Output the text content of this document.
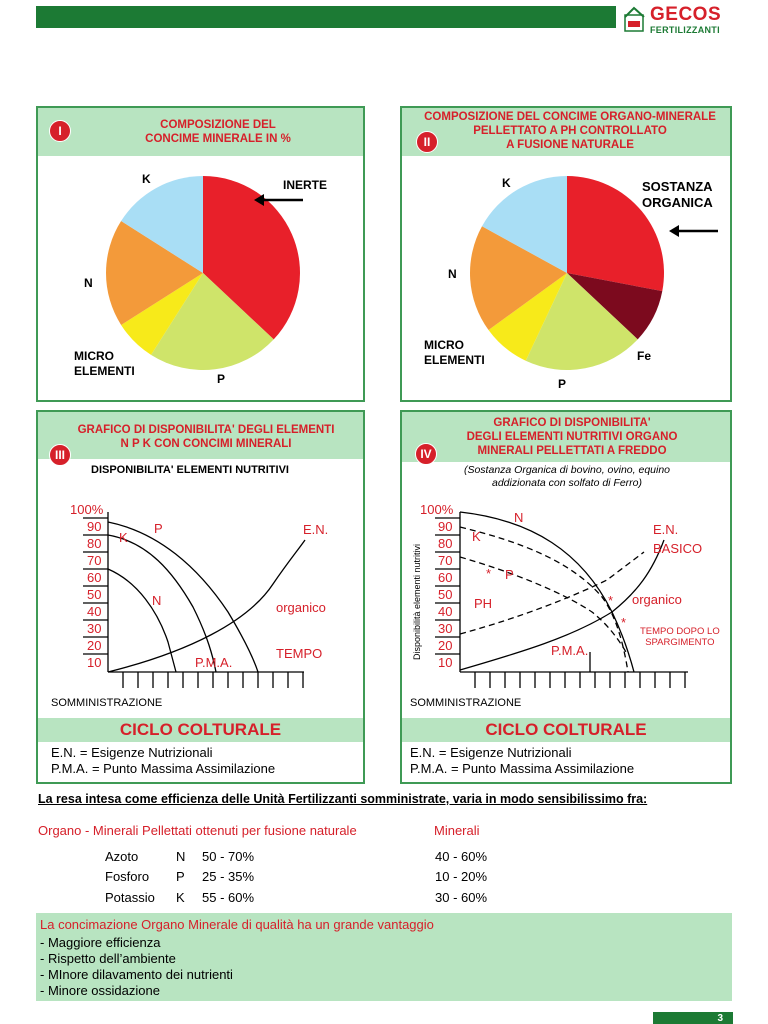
GECOS
FERTILIZZANTI
I	COMPOSIZIONE DEL
CONCIME MINERALE IN %
K
N
MICRO
ELEMENTI
P
INERTE
II
COMPOSIZIONE DEL CONCIME ORGANO-MINERALE
PELLETTATO A PH CONTROLLATO
A FUSIONE NATURALE
K
N
MICRO
ELEMENTI
P
Fe
SOSTANZA
ORGANICA
III
GRAFICO DI DISPONIBILITA' DEGLI ELEMENTI
N P K CON CONCIMI MINERALI
DISPONIBILITA' ELEMENTI NUTRITIVI
100%
90
80
70
60
50
40
30
20
10
P
K
N
E.N.
organico
TEMPO
P.M.A.
SOMMINISTRAZIONE
CICLO COLTURALE
E.N. = Esigenze Nutrizionali
P.M.A. = Punto Massima Assimilazione
IV
GRAFICO DI DISPONIBILITA'
DEGLI ELEMENTI NUTRITIVI ORGANO
MINERALI PELLETTATI A FREDDO
(Sostanza Organica di bovino, ovino, equino
addizionata con solfato di Ferro)
Disponibilità elementi nutritivi	*
*
*
100%
90
80
70
60
50
40
30
20
10
N
K
P
PH
E.N.
BASICO
organico
TEMPO DOPO LO
SPARGIMENTO
P.M.A.
SOMMINISTRAZIONE
CICLO COLTURALE
E.N. = Esigenze Nutrizionali
P.M.A. = Punto Massima Assimilazione
La resa intesa come efficienza delle Unità Fertilizzanti somministrate, varia in modo sensibilissimo fra:
Organo - Minerali Pellettati ottenuti per fusione naturale	Minerali
Azoto	N 50 - 70%	40 - 60%
Fosforo P 25 - 35%	10 - 20%
Potassio K 55 - 60%	30 - 60%
La concimazione Organo Minerale di qualità ha un grande vantaggio
- Maggiore efficienza
- Rispetto dell’ambiente
- MInore dilavamento dei nutrienti
- Minore ossidazione
3
